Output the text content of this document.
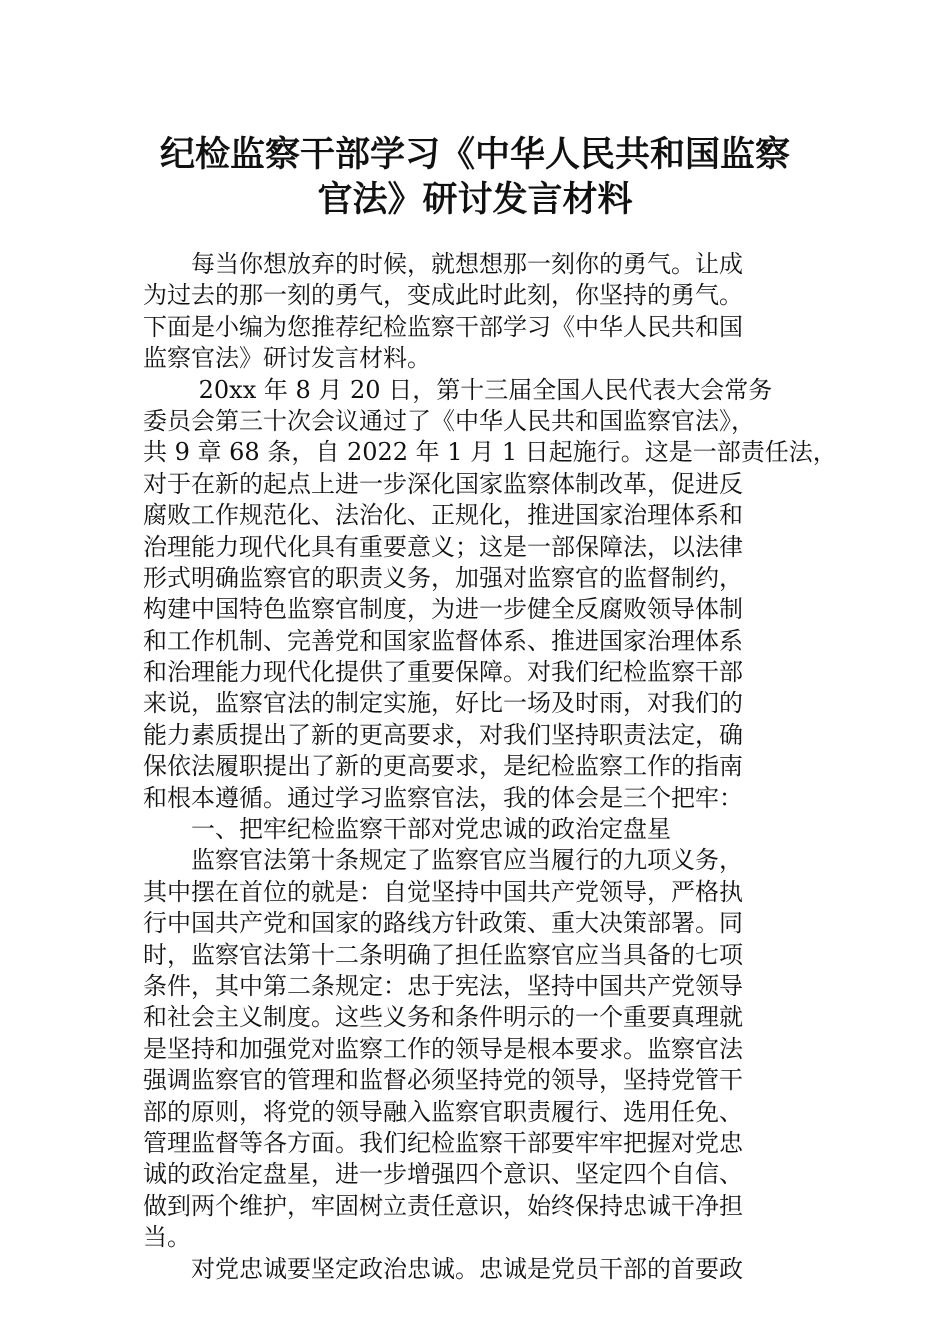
纪检监察干部学习《中华人民共和国监察
官法》研讨发言材料
　　每当你想放弃的时候，就想想那一刻你的勇气。让成
为过去的那一刻的勇气，变成此时此刻，你坚持的勇气。
下面是小编为您推荐纪检监察干部学习《中华人民共和国
监察官法》研讨发言材料。
　　 20xx 年 8 月 20 日，第十三届全国人民代表大会常务
委员会第三十次会议通过了《中华人民共和国监察官法》，
共 9 章 68 条，自 2022 年 1 月 1 日起施行。这是一部责任法，
对于在新的起点上进一步深化国家监察体制改革，促进反
腐败工作规范化、法治化、正规化，推进国家治理体系和
治理能力现代化具有重要意义；这是一部保障法，以法律
形式明确监察官的职责义务，加强对监察官的监督制约，
构建中国特色监察官制度，为进一步健全反腐败领导体制
和工作机制、完善党和国家监督体系、推进国家治理体系
和治理能力现代化提供了重要保障。对我们纪检监察干部
来说，监察官法的制定实施，好比一场及时雨，对我们的
能力素质提出了新的更高要求，对我们坚持职责法定，确
保依法履职提出了新的更高要求，是纪检监察工作的指南
和根本遵循。通过学习监察官法，我的体会是三个把牢：
　　一、把牢纪检监察干部对党忠诚的政治定盘星
　　监察官法第十条规定了监察官应当履行的九项义务，
其中摆在首位的就是：自觉坚持中国共产党领导，严格执
行中国共产党和国家的路线方针政策、重大决策部署。同
时，监察官法第十二条明确了担任监察官应当具备的七项
条件，其中第二条规定：忠于宪法，坚持中国共产党领导
和社会主义制度。这些义务和条件明示的一个重要真理就
是坚持和加强党对监察工作的领导是根本要求。监察官法
强调监察官的管理和监督必须坚持党的领导，坚持党管干
部的原则，将党的领导融入监察官职责履行、选用任免、
管理监督等各方面。我们纪检监察干部要牢牢把握对党忠
诚的政治定盘星，进一步增强四个意识、坚定四个自信、
做到两个维护，牢固树立责任意识，始终保持忠诚干净担
当。
　　对党忠诚要坚定政治忠诚。忠诚是党员干部的首要政
